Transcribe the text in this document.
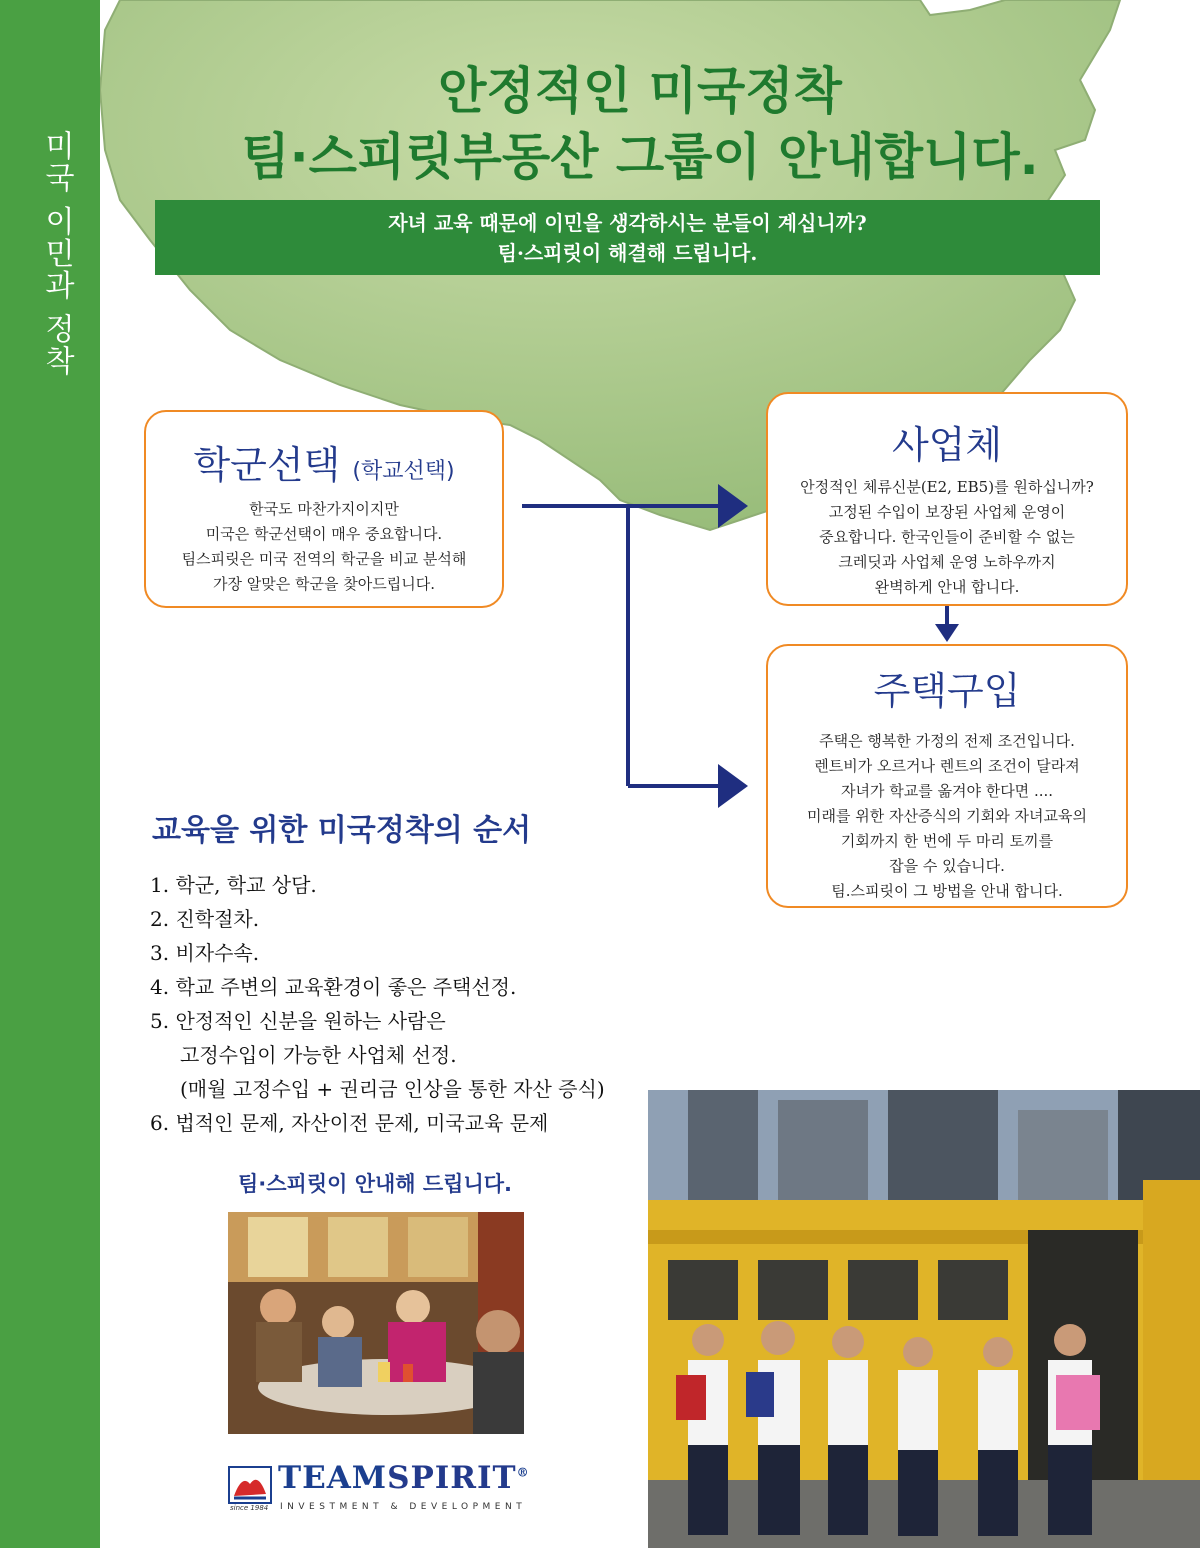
미국 이민과 정착
안정적인 미국정착
팀·스피릿부동산 그룹이 안내합니다.
자녀 교육 때문에 이민을 생각하시는 분들이 계십니까?
팀·스피릿이 해결해 드립니다.
학군선택 (학교선택)
한국도 마찬가지이지만
미국은 학군선택이 매우 중요합니다.
팀스피릿은 미국 전역의 학군을 비교 분석해
가장 알맞은 학군을 찾아드립니다.
사업체
안정적인 체류신분(E2, EB5)를 원하십니까?
고정된 수입이 보장된 사업체 운영이
중요합니다. 한국인들이 준비할 수 없는
크레딧과 사업체 운영 노하우까지
완벽하게 안내 합니다.
주택구입
주택은 행복한 가정의 전제 조건입니다.
렌트비가 오르거나 렌트의 조건이 달라져
자녀가 학교를 옮겨야 한다면 ....
미래를 위한 자산증식의 기회와 자녀교육의
기회까지 한 번에 두 마리 토끼를
잡을 수 있습니다.
팀.스피릿이 그 방법을 안내 합니다.
교육을 위한 미국정착의 순서
1. 학군, 학교 상담.
2. 진학절차.
3. 비자수속.
4. 학교 주변의 교육환경이 좋은 주택선정.
5. 안정적인 신분을 원하는 사람은
고정수입이 가능한 사업체 선정.
(매월 고정수입 + 권리금 인상을 통한 자산 증식)
6. 법적인 문제, 자산이전 문제, 미국교육 문제
팀·스피릿이 안내해 드립니다.
TEAMSPIRIT®
INVESTMENT & DEVELOPMENT
since 1984
